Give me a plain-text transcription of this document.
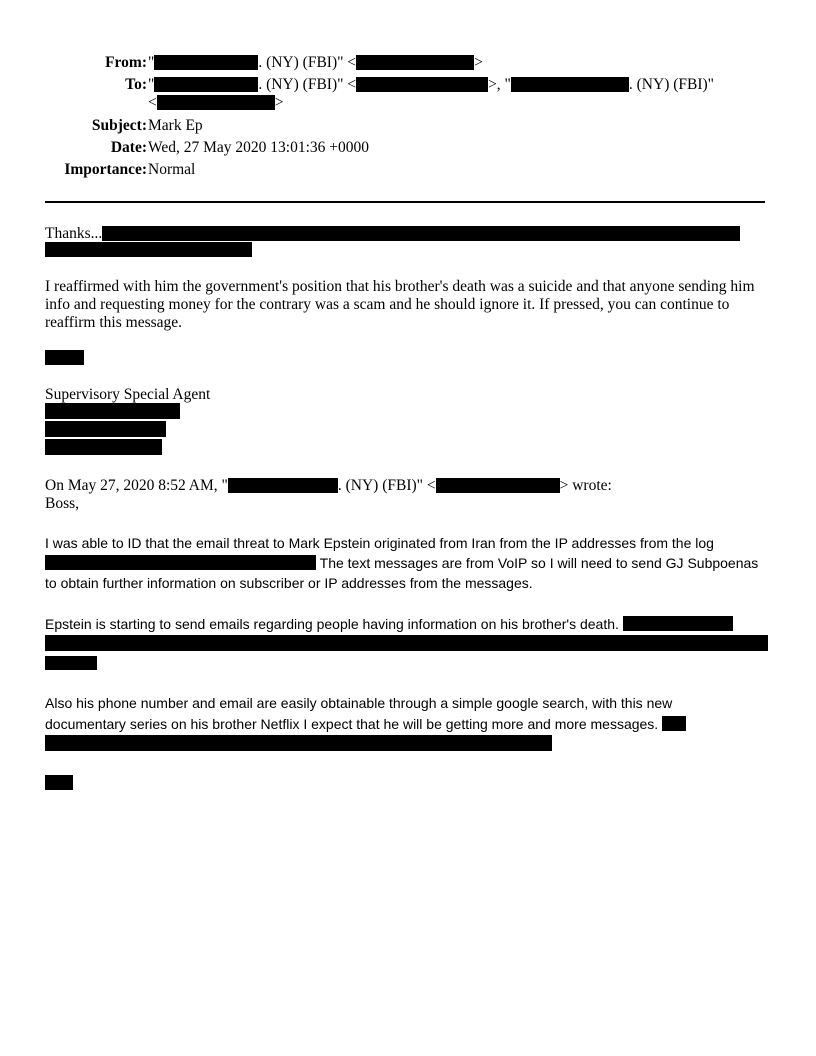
From: "	. (NY) (FBI)" <	>
To: "	. (NY) (FBI)" <	>, "	. (NY) (FBI)"
<	>
Subject: Mark Ep
Date: Wed, 27 May 2020 13:01:36 +0000
Importance: Normal
Thanks...
I reaffirmed with him the government's position that his brother's death was a suicide and that anyone sending him info and requesting money for the contrary was a scam and he should ignore it. If pressed, you can continue to reaffirm this message.
Supervisory Special Agent
On May 27, 2020 8:52 AM, "	. (NY) (FBI)" <	> wrote:
Boss,
I was able to ID that the email threat to Mark Epstein originated from Iran from the IP addresses from the log
The text messages are from VoIP so I will need to send GJ Subpoenas
to obtain further information on subscriber or IP addresses from the messages.
Epstein is starting to send emails regarding people having information on his brother's death.
Also his phone number and email are easily obtainable through a simple google search, with this new
documentary series on his brother Netflix I expect that he will be getting more and more messages.
